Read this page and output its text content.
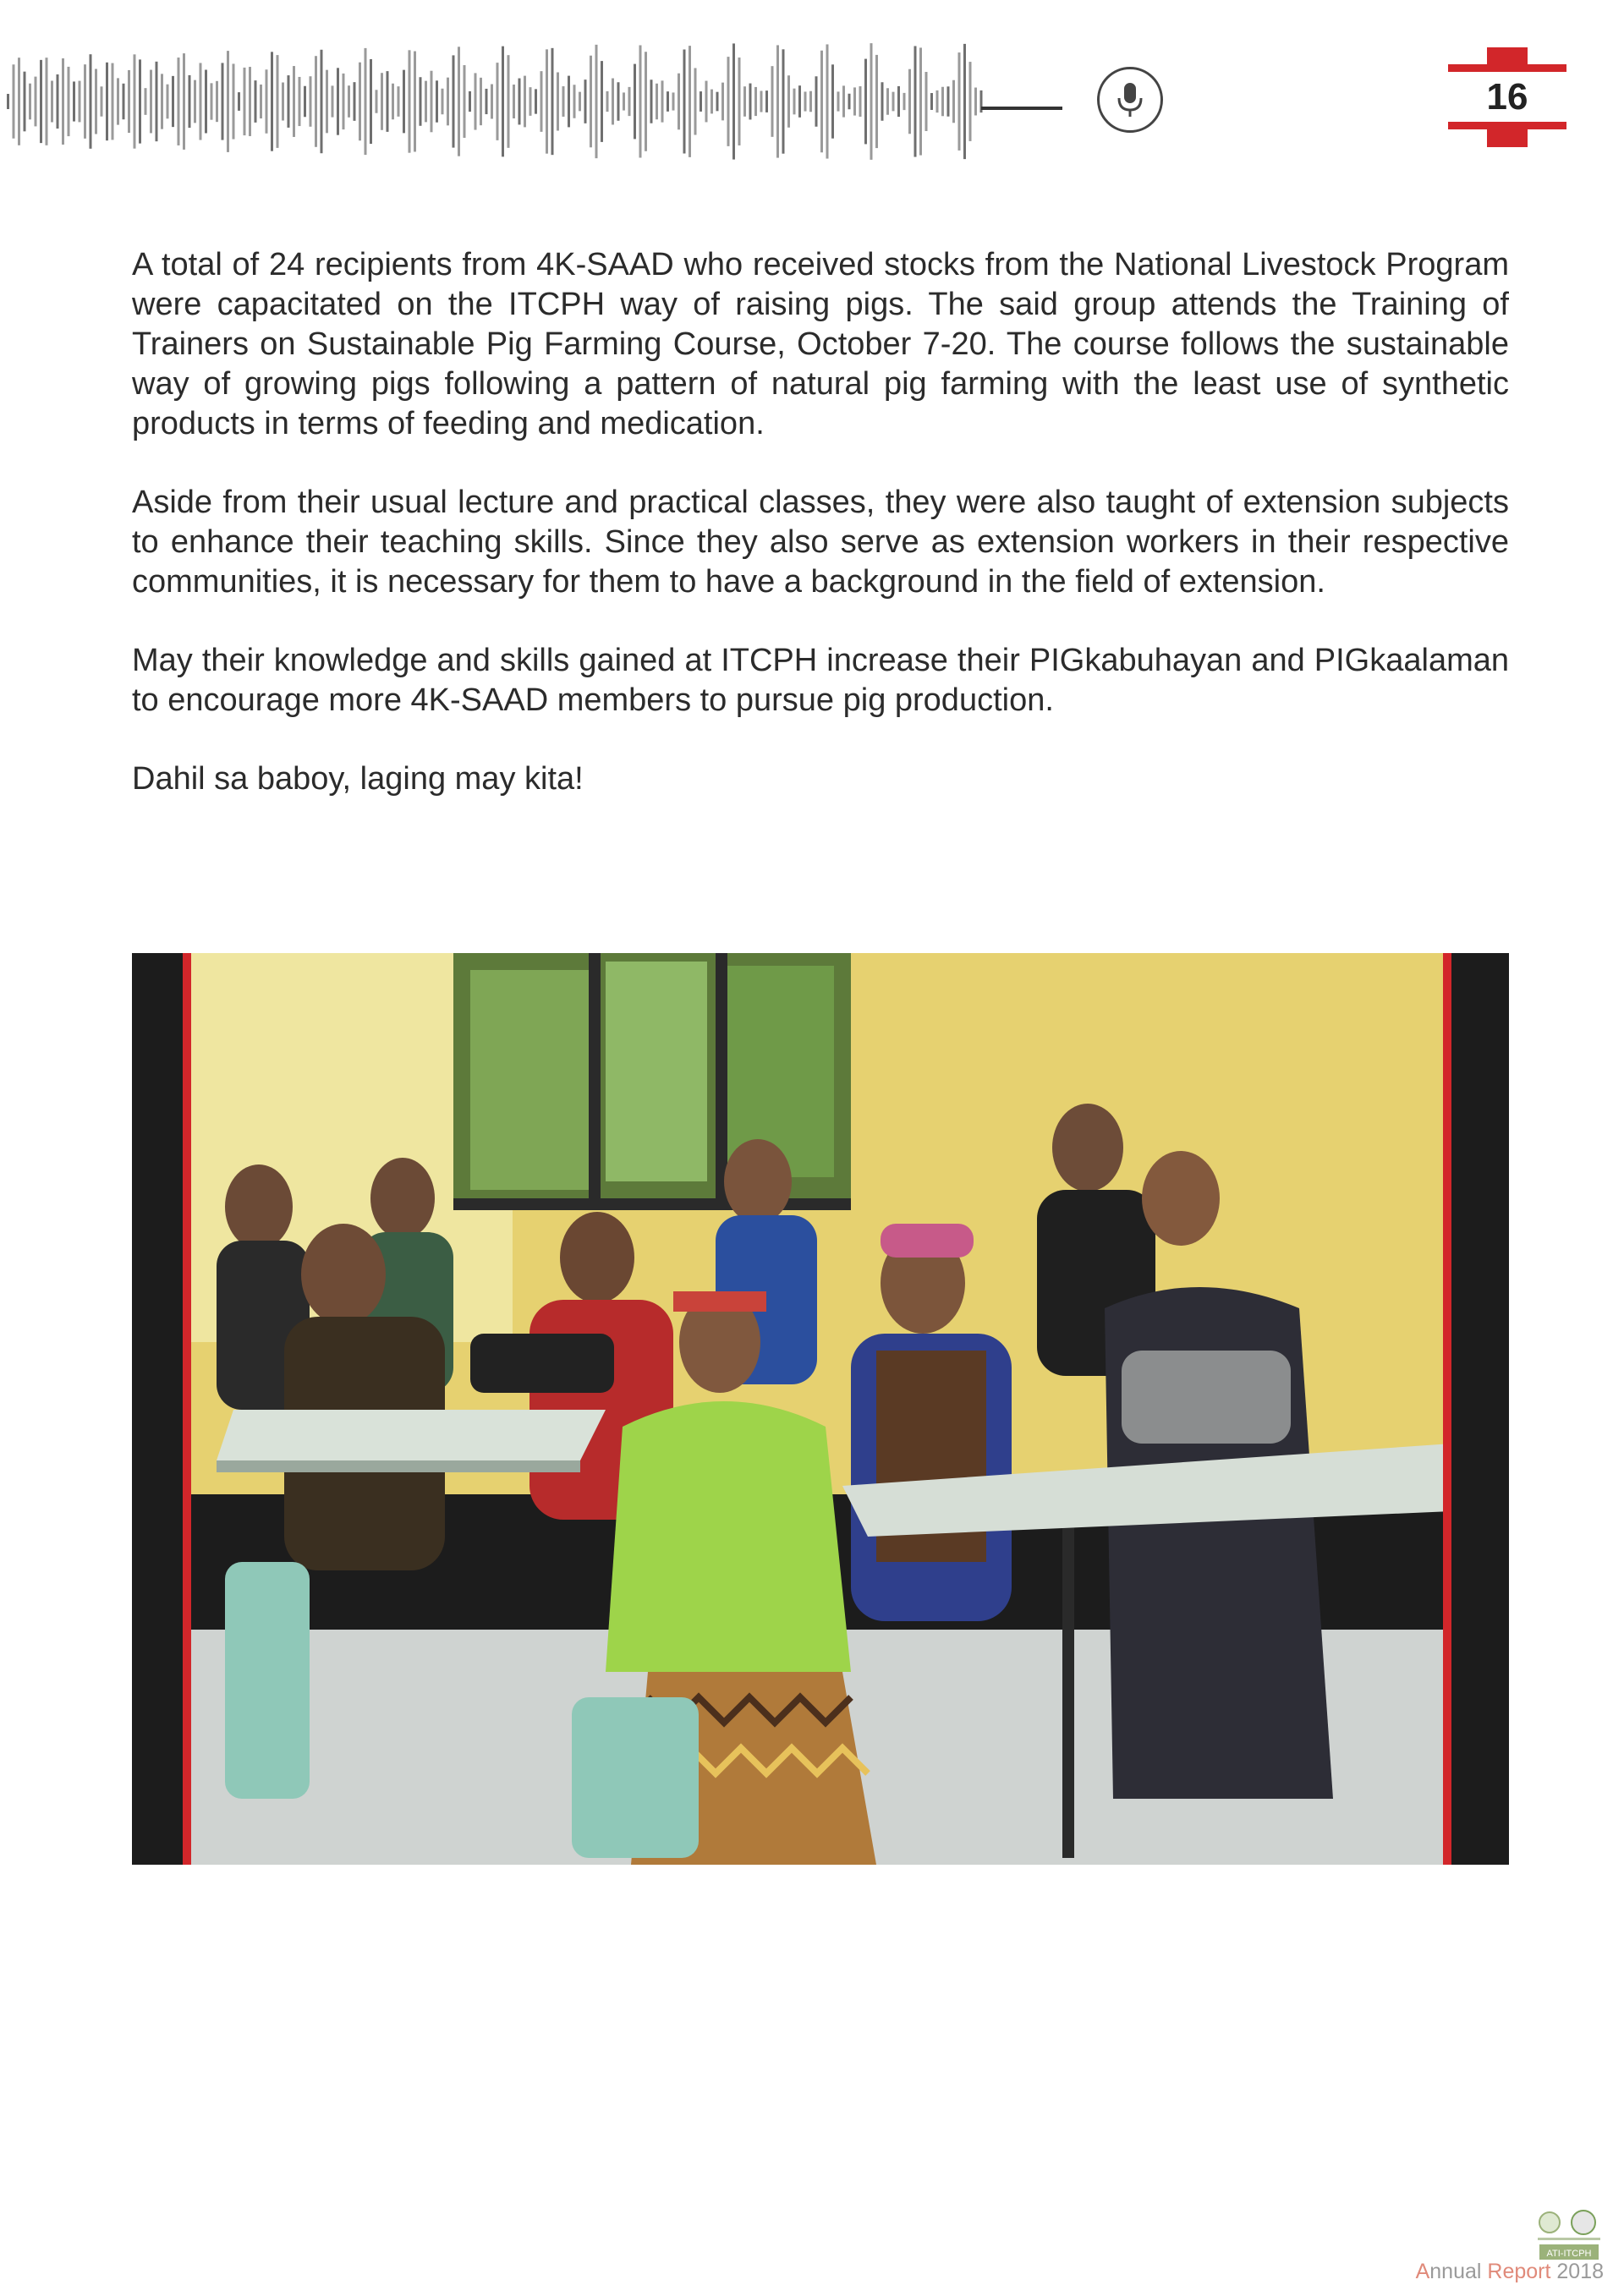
16

A total of 24 recipients from 4K-SAAD who received stocks from the National Livestock Program were capacitated on the ITCPH way of raising pigs. The said group attends the Training of Trainers on Sustainable Pig Farming Course, October 7-20. The course follows the sustainable way of growing pigs following a pattern of natural pig farming with the least use of synthetic products in terms of feeding and medication.

Aside from their usual lecture and practical classes, they were also taught of extension subjects to enhance their teaching skills. Since they also serve as extension workers in their respective communities, it is necessary for them to have a background in the field of extension.

May their knowledge and skills gained at ITCPH increase their PIGkabuhayan and PIGkaalaman to encourage more 4K-SAAD members to pursue pig production.

Dahil sa baboy, laging may kita!

ATI-ITCPH
Annual Report 2018
